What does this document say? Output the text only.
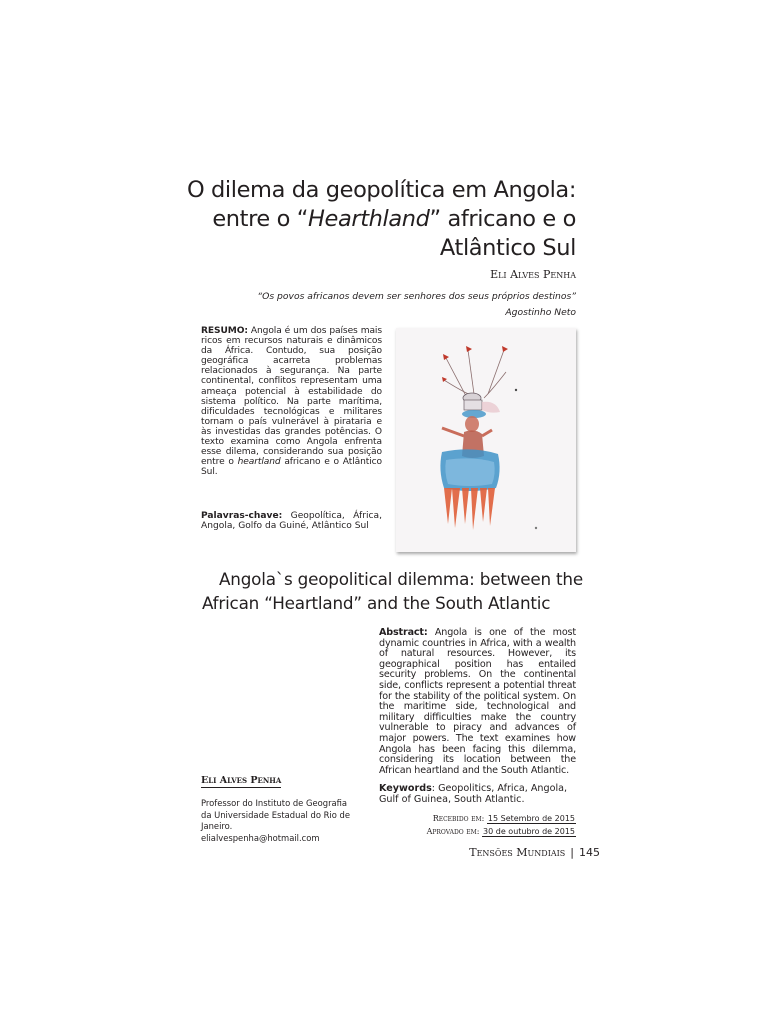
O dilema da geopolítica em Angola:
entre o “Hearthland” africano e o
Atlântico Sul
Eli Alves Penha
“Os povos africanos devem ser senhores dos seus próprios destinos”
Agostinho Neto
RESUMO: Angola é um dos países mais ricos em recursos naturais e dinâmicos da África. Contudo, sua posição geográfica acarreta problemas relacionados à segurança. Na parte continental, conflitos representam uma ameaça potencial à estabilidade do sistema político. Na parte marítima, dificuldades tecnológicas e militares tornam o país vulnerável à pirataria e às investidas das grandes potências. O texto examina como Angola enfrenta esse dilema, considerando sua posição entre o heartland africano e o Atlântico Sul.
Palavras-chave: Geopolítica, África, Angola, Golfo da Guiné, Atlântico Sul
Angola`s geopolitical dilemma: between the
African “Heartland” and the South Atlantic
Abstract: Angola is one of the most dynamic countries in Africa, with a wealth of natural resources. However, its geographical position has entailed security problems. On the continental side, conflicts represent a potential threat for the stability of the political system. On the maritime side, technological and military difficulties make the country vulnerable to piracy and advances of major powers. The text examines how Angola has been facing this dilemma, considering its location between the African heartland and the South Atlantic.
Keywords: Geopolitics, Africa, Angola, Gulf of Guinea, South Atlantic.
Recebido em: 15 Setembro de 2015
Aprovado em: 30 de outubro de 2015
Eli Alves Penha
Professor do Instituto de Geografia
da Universidade Estadual do Rio de
Janeiro.
elialvespenha@hotmail.com
Tensões Mundiais | 145
